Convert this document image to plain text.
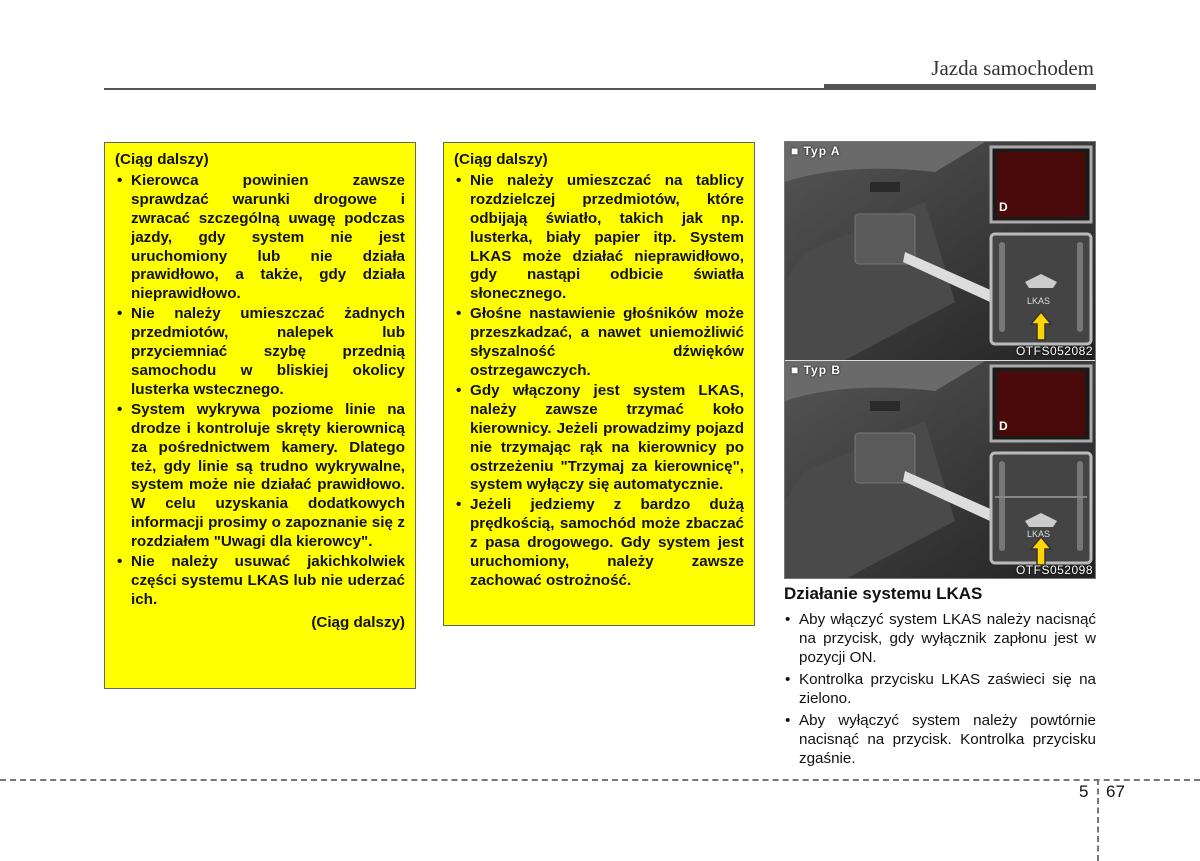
Jazda samochodem
(Ciąg dalszy)
• Kierowca powinien zawsze sprawdzać warunki drogowe i zwracać szczególną uwagę podczas jazdy, gdy system nie jest uruchomiony lub nie działa prawidłowo, a także, gdy działa nieprawidłowo.
• Nie należy umieszczać żadnych przedmiotów, nalepek lub przyciemniać szybę przednią samochodu w bliskiej okolicy lusterka wstecznego.
• System wykrywa poziome linie na drodze i kontroluje skręty kierownicą za pośrednictwem kamery. Dlatego też, gdy linie są trudno wykrywalne, system może nie działać prawidłowo. W celu uzyskania dodatkowych informacji prosimy o zapoznanie się z rozdziałem "Uwagi dla kierowcy".
• Nie należy usuwać jakichkolwiek części systemu LKAS lub nie uderzać ich.
(Ciąg dalszy)
(Ciąg dalszy)
• Nie należy umieszczać na tablicy rozdzielczej przedmiotów, które odbijają światło, takich jak np. lusterka, biały papier itp. System LKAS może działać nieprawidłowo, gdy nastąpi odbicie światła słonecznego.
• Głośne nastawienie głośników może przeszkadzać, a nawet uniemożliwić słyszalność dźwięków ostrzegawczych.
• Gdy włączony jest system LKAS, należy zawsze trzymać koło kierownicy. Jeżeli prowadzimy pojazd nie trzymając rąk na kierownicy po ostrzeżeniu "Trzymaj za kierownicę", system wyłączy się automatycznie.
• Jeżeli jedziemy z bardzo dużą prędkością, samochód może zbaczać z pasa drogowego. Gdy system jest uruchomiony, należy zawsze zachować ostrożność.
■ Typ A
D
LKAS
OTFS052082
■ Typ B
D
LKAS
OTFS052098
Działanie systemu LKAS
• Aby włączyć system LKAS należy nacisnąć na przycisk, gdy wyłącznik zapłonu jest w pozycji ON.
• Kontrolka przycisku LKAS zaświeci się na zielono.
• Aby wyłączyć system należy powtórnie nacisnąć na przycisk. Kontrolka przycisku zgaśnie.
5 67
